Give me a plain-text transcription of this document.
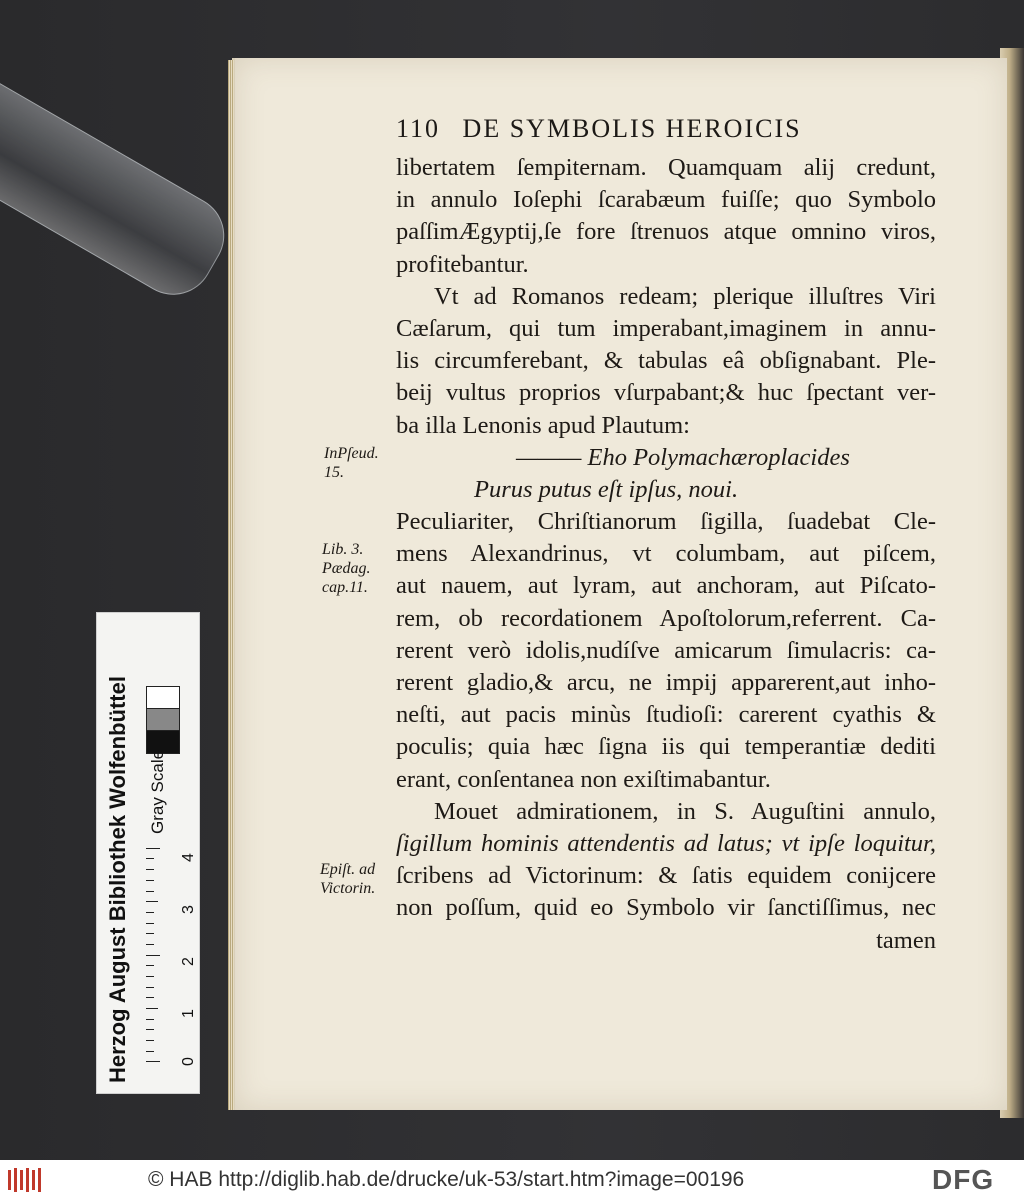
110 DE SYMBOLIS HEROICIS
libertatem ſempiternam. Quamquam alij credunt,
in annulo Ioſephi ſcarabæum fuiſſe; quo Symbolo
paſſimÆgyptij,ſe fore ſtrenuos atque omnino viros,
profitebantur.
Vt ad Romanos redeam; plerique illuſtres Viri
Cæſarum, qui tum imperabant,imaginem in annu-
lis circumferebant, & tabulas eâ obſignabant. Ple-
beij vultus proprios vſurpabant;& huc ſpectant ver-
ba illa Lenonis apud Plautum:
——— Eho Polymachæroplacides
Purus putus eſt ipſus, noui.
Peculiariter, Chriſtianorum ſigilla, ſuadebat Cle-
mens Alexandrinus, vt columbam, aut piſcem,
aut nauem, aut lyram, aut anchoram, aut Piſcato-
rem, ob recordationem Apoſtolorum,referrent. Ca-
rerent verò idolis,nudíſve amicarum ſimulacris: ca-
rerent gladio,& arcu, ne impij apparerent,aut inho-
neſti, aut pacis minùs ſtudioſi: carerent cyathis &
poculis; quia hæc ſigna iis qui temperantiæ dediti
erant, conſentanea non exiſtimabantur.
Mouet admirationem, in S. Auguſtini annulo,
ſigillum hominis attendentis ad latus; vt ipſe loquitur,
ſcribens ad Victorinum: & ſatis equidem conijcere
non poſſum, quid eo Symbolo vir ſanctiſſimus, nec
tamen
InPſeud.
15.
Lib. 3.
Pædag.
cap.11.
Epiſt. ad
Victorin.
Herzog August Bibliothek Wolfenbüttel	Gray Scale
4
3
2
1
0
© HAB http://diglib.hab.de/drucke/uk-53/start.htm?image=00196	DFG
